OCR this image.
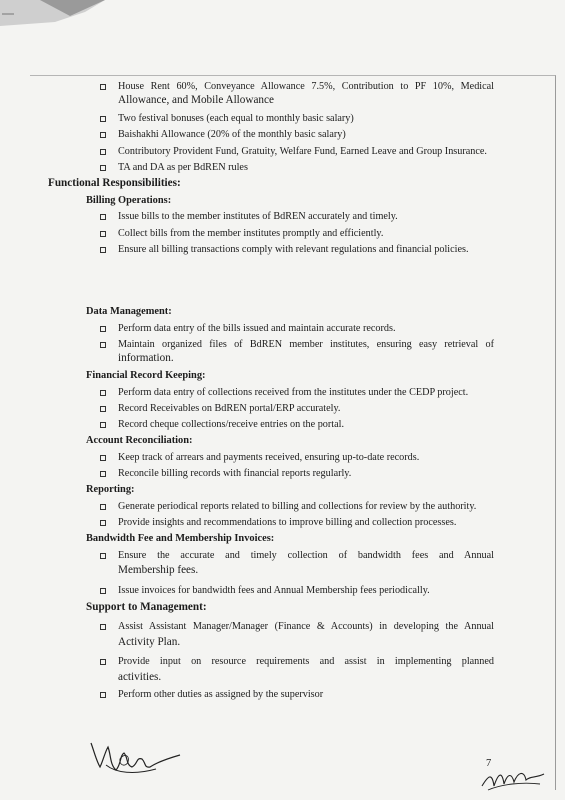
House Rent 60%, Conveyance Allowance 7.5%, Contribution to PF 10%, Medical
Allowance, and Mobile Allowance
Two festival bonuses (each equal to monthly basic salary)
Baishakhi Allowance (20% of the monthly basic salary)
Contributory Provident Fund, Gratuity, Welfare Fund, Earned Leave and Group Insurance.
TA and DA as per BdREN rules
Functional Responsibilities:
Billing Operations:
Issue bills to the member institutes of BdREN accurately and timely.
Collect bills from the member institutes promptly and efficiently.
Ensure all billing transactions comply with relevant regulations and financial policies.
Data Management:
Perform data entry of the bills issued and maintain accurate records.
Maintain organized files of BdREN member institutes, ensuring easy retrieval of
information.
Financial Record Keeping:
Perform data entry of collections received from the institutes under the CEDP project.
Record Receivables on BdREN portal/ERP accurately.
Record cheque collections/receive entries on the portal.
Account Reconciliation:
Keep track of arrears and payments received, ensuring up-to-date records.
Reconcile billing records with financial reports regularly.
Reporting:
Generate periodical reports related to billing and collections for review by the authority.
Provide insights and recommendations to improve billing and collection processes.
Bandwidth Fee and Membership Invoices:
Ensure the accurate and timely collection of bandwidth fees and Annual
Membership fees.
Issue invoices for bandwidth fees and Annual Membership fees periodically.
Support to Management:
Assist Assistant Manager/Manager (Finance & Accounts) in developing the Annual
Activity Plan.
Provide input on resource requirements and assist in implementing planned
activities.
Perform other duties as assigned by the supervisor
7
